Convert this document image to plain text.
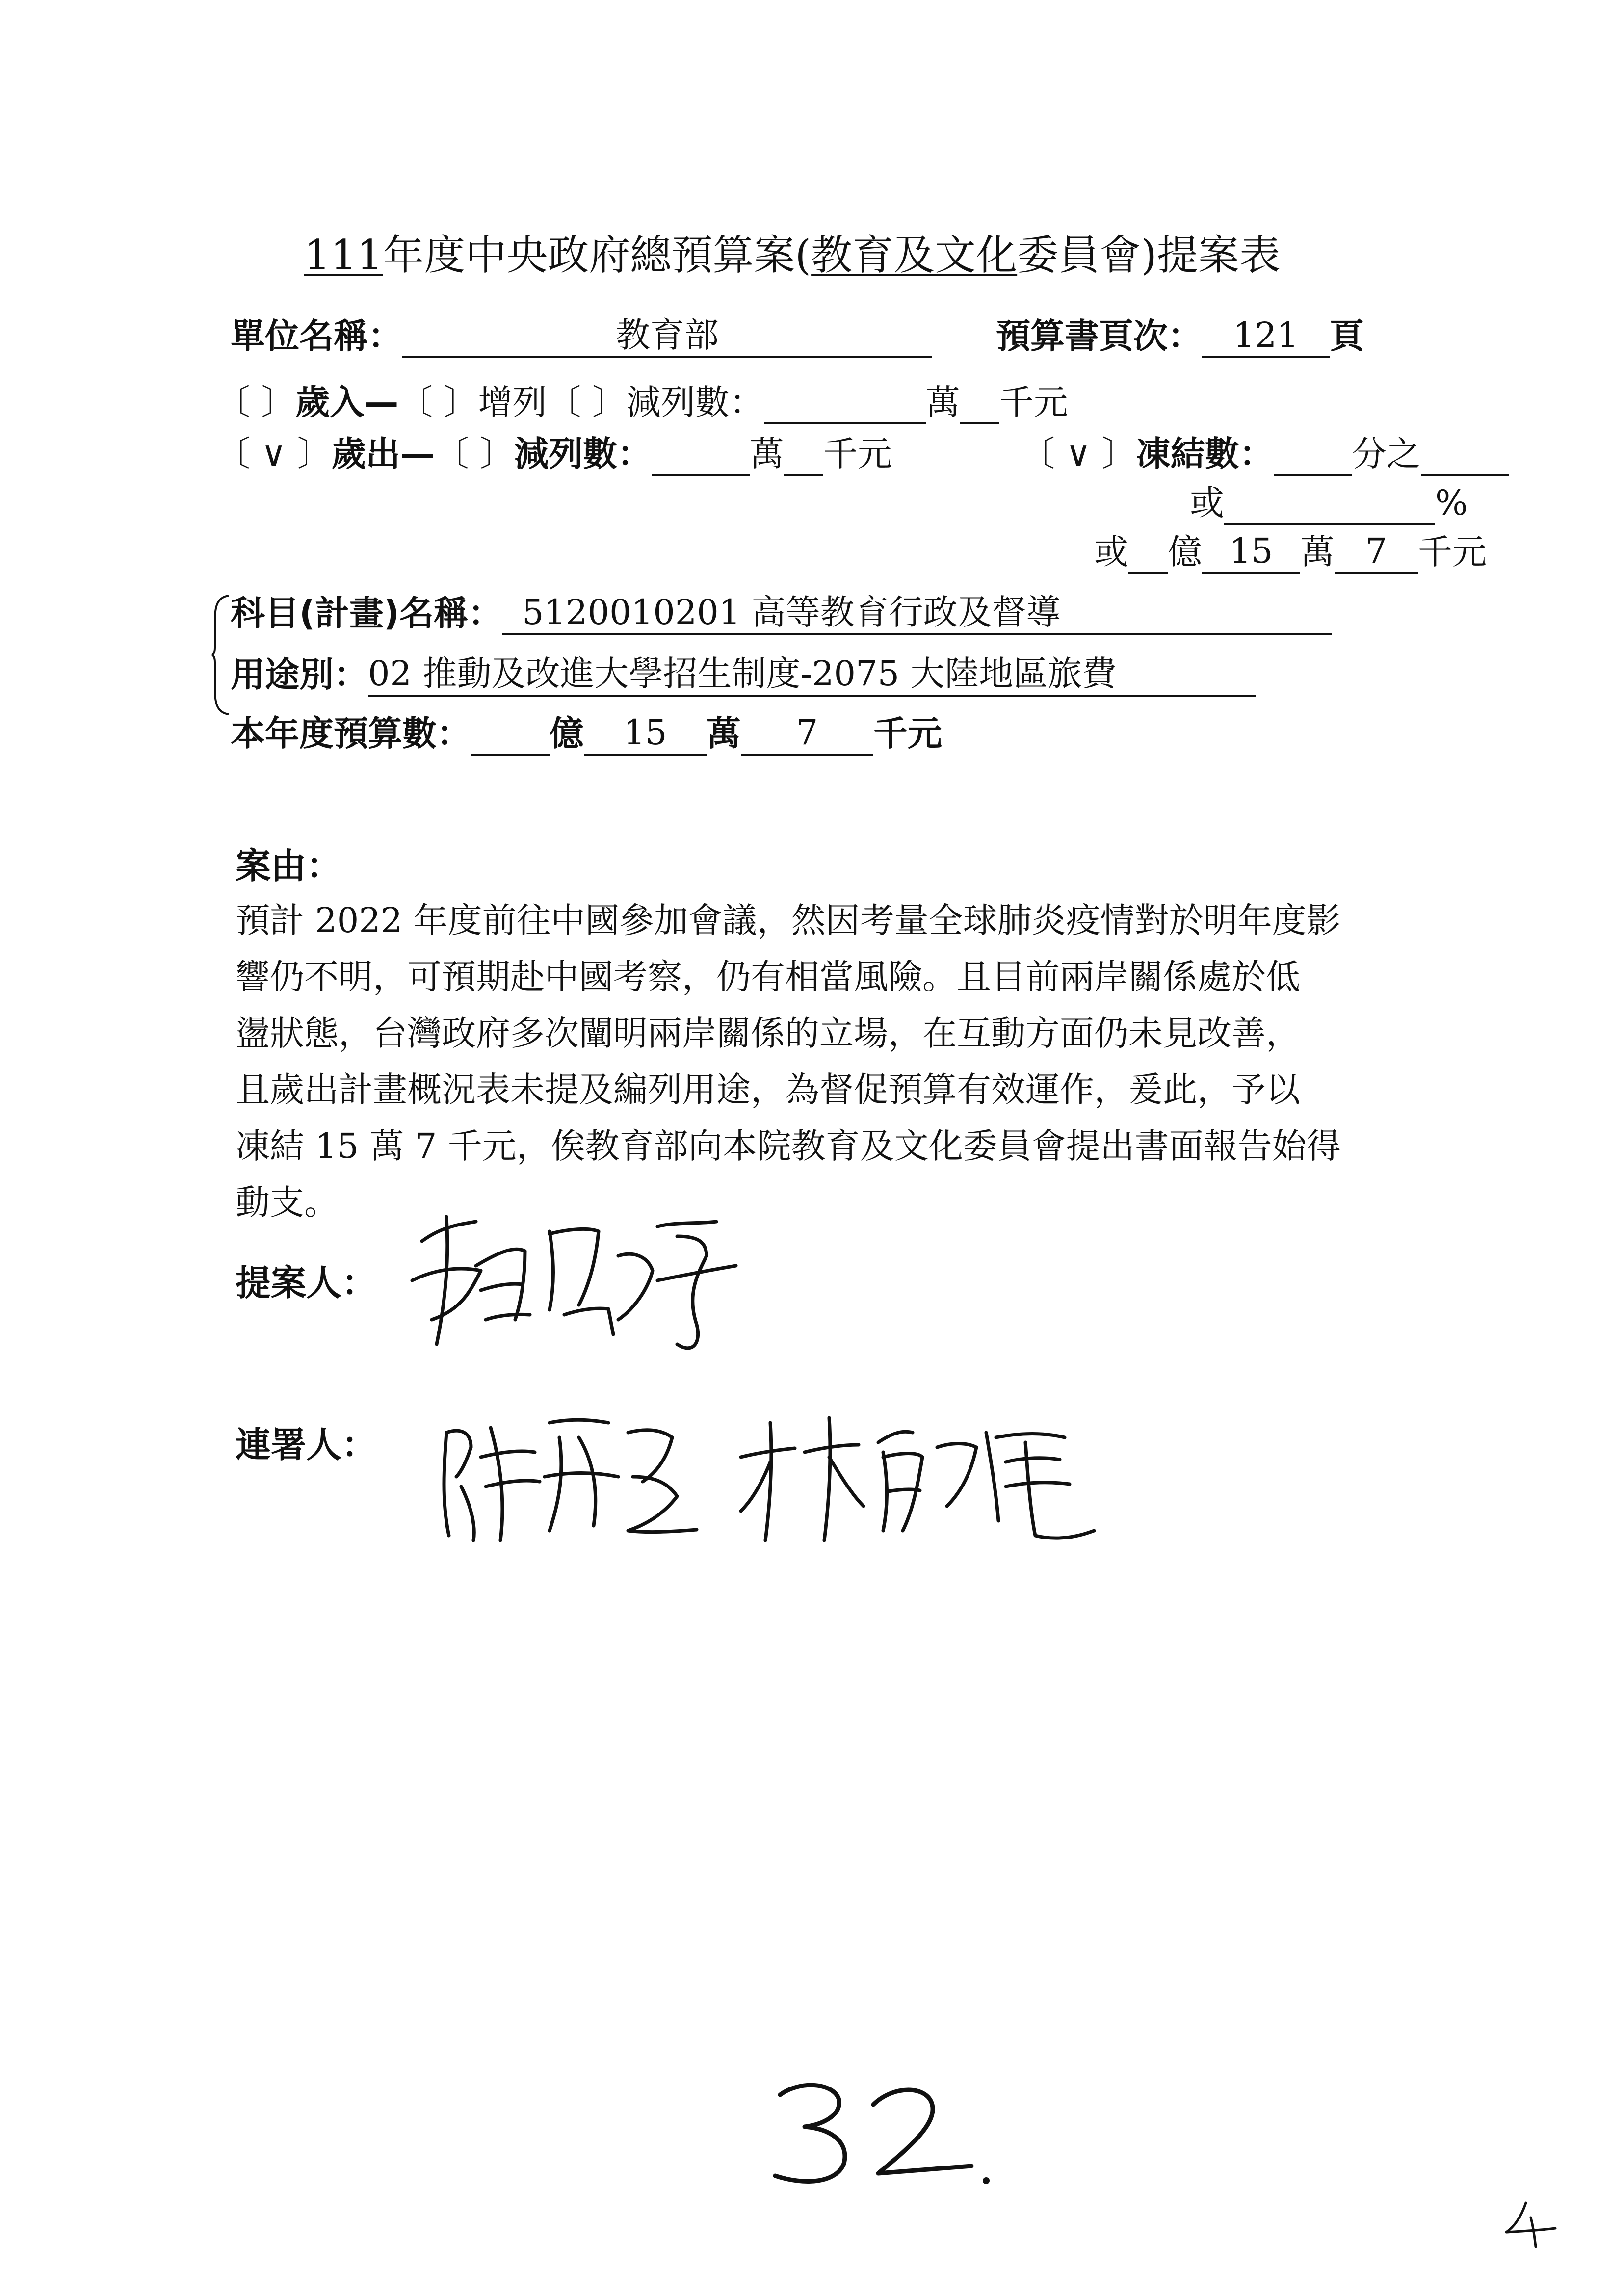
111年度中央政府總預算案(教育及文化委員會)提案表
單位名稱：	教育部	預算書頁次： 121 頁
〔 〕歲入—〔 〕增列〔 〕減列數：	萬 千元
〔 ∨ 〕歲出—〔 〕減列數：	萬 千元	〔 ∨ 〕凍結數： 分之
或	%
或 億 15 萬 7 千元
科目(計畫)名稱： 5120010201 高等教育行政及督導
用途別：02 推動及改進大學招生制度-2075 大陸地區旅費
本年度預算數： 億 15 萬 7 千元
案由：
預計 2022 年度前往中國參加會議，然因考量全球肺炎疫情對於明年度影
響仍不明，可預期赴中國考察，仍有相當風險。且目前兩岸關係處於低
盪狀態，台灣政府多次闡明兩岸關係的立場，在互動方面仍未見改善，
且歲出計畫概況表未提及編列用途，為督促預算有效運作，爰此，予以
凍結 15 萬 7 千元，俟教育部向本院教育及文化委員會提出書面報告始得
動支。
提案人：
連署人：
